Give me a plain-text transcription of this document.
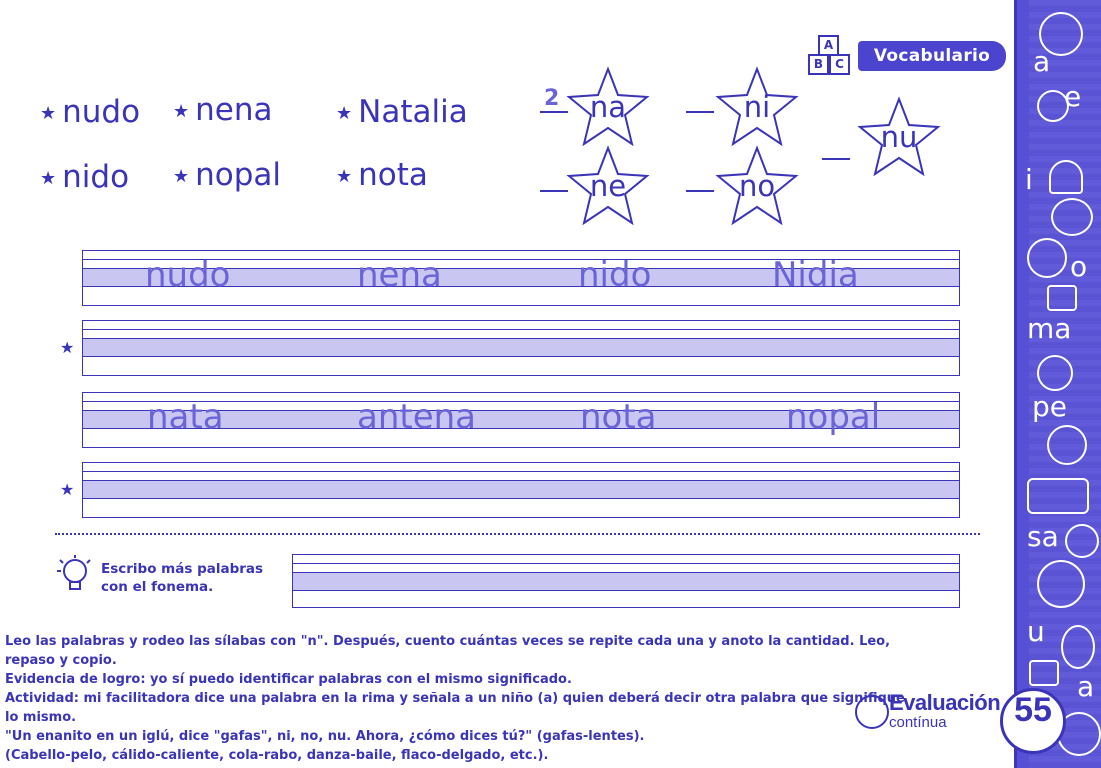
a
e
i
o
ma
pe
sa
u
a
A
B	C	Vocabulario
★ nudo ★ nena	★ Natalia
★ nido ★ nopal	★ nota
2	na	ni
nu
ne	no
nudo	nena	nido	Nidia
★
nata	antena	nota	nopal
★
Escribo más palabras con el fonema.
Leo las palabras y rodeo las sílabas con "n". Después, cuento cuántas veces se repite cada una y anoto la cantidad. Leo, repaso y copio.
Evidencia de logro: yo sí puedo identificar palabras con el mismo significado.
Actividad: mi facilitadora dice una palabra en la rima y señala a un niño (a) quien deberá decir otra palabra que signifique lo mismo.
"Un enanito en un iglú, dice "gafas", ni, no, nu. Ahora, ¿cómo dices tú?" (gafas-lentes).
(Cabello-pelo, cálido-caliente, cola-rabo, danza-baile, flaco-delgado, etc.).
Evaluación
contínua	55
